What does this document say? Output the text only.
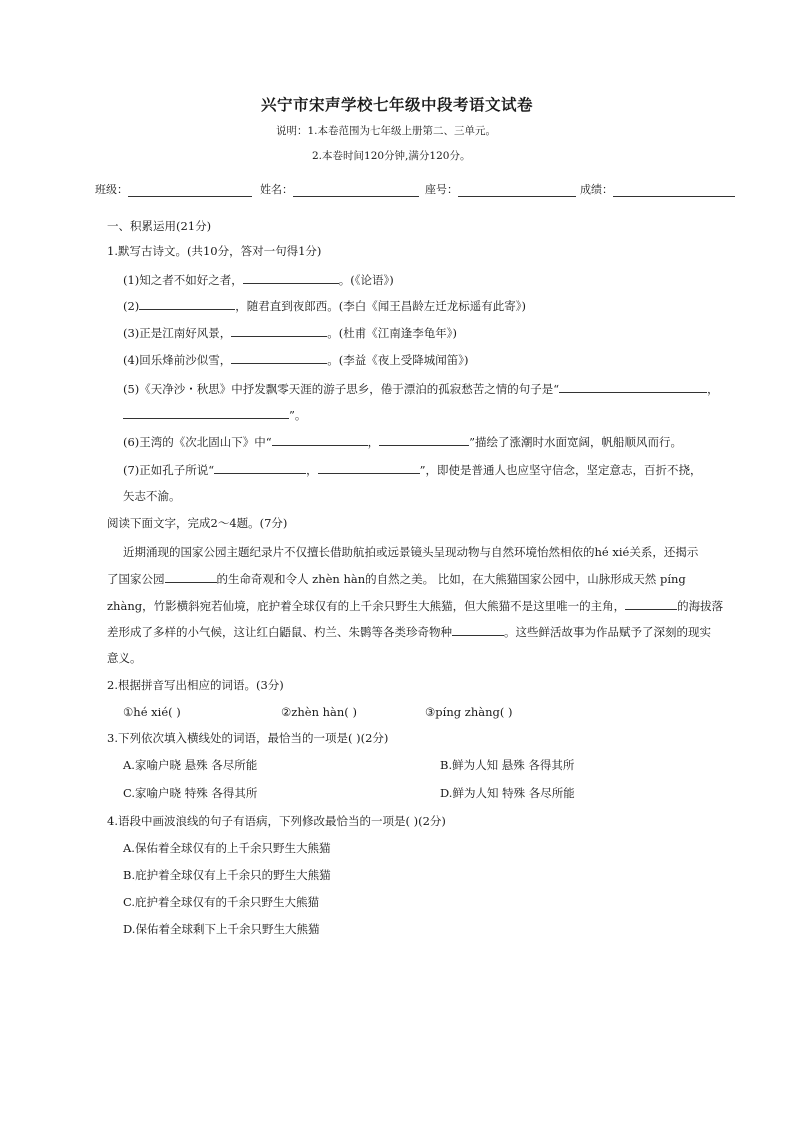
兴宁市宋声学校七年级中段考语文试卷
说明：1.本卷范围为七年级上册第二、三单元。
2.本卷时间120分钟,满分120分。
班级：	姓名：	座号：	成绩：
一、积累运用(21分)
1.默写古诗文。(共10分，答对一句得1分)
(1)知之者不如好之者，	。(《论语》)
(2)	，随君直到夜郎西。(李白《闻王昌龄左迁龙标遥有此寄》)
(3)正是江南好风景，	。(杜甫《江南逢李龟年》)
(4)回乐烽前沙似雪，	。(李益《夜上受降城闻笛》)
(5)《天净沙・秋思》中抒发飘零天涯的游子思乡，倦于漂泊的孤寂愁苦之情的句子是“	，
”。
(6)王湾的《次北固山下》中“	，	”描绘了涨潮时水面宽阔，帆船顺风而行。
(7)正如孔子所说“	，	”，即使是普通人也应坚守信念，坚定意志，百折不挠，
矢志不渝。
阅读下面文字，完成2～4题。(7分)
近期涌现的国家公园主题纪录片不仅擅长借助航拍或远景镜头呈现动物与自然环境怡然相依的hé xié关系，还揭示
了国家公园	的生命奇观和令人 zhèn hàn的自然之美。 比如，在大熊猫国家公园中，山脉形成天然 píng
zhàng，竹影横斜宛若仙境，庇护着全球仅有的上千余只野生大熊猫，但大熊猫不是这里唯一的主角，	的海拔落
差形成了多样的小气候，这让红白鼯鼠、杓兰、朱鹮等各类珍奇物种	。这些鲜活故事为作品赋予了深刻的现实
意义。
2.根据拼音写出相应的词语。(3分)
①hé xié( )	②zhèn hàn( )	③píng zhàng( )
3.下列依次填入横线处的词语，最恰当的一项是( )(2分)
A.家喻户晓 悬殊 各尽所能	B.鲜为人知 悬殊 各得其所
C.家喻户晓 特殊 各得其所	D.鲜为人知 特殊 各尽所能
4.语段中画波浪线的句子有语病，下列修改最恰当的一项是( )(2分)
A.保佑着全球仅有的上千余只野生大熊猫
B.庇护着全球仅有上千余只的野生大熊猫
C.庇护着全球仅有的千余只野生大熊猫
D.保佑着全球剩下上千余只野生大熊猫
